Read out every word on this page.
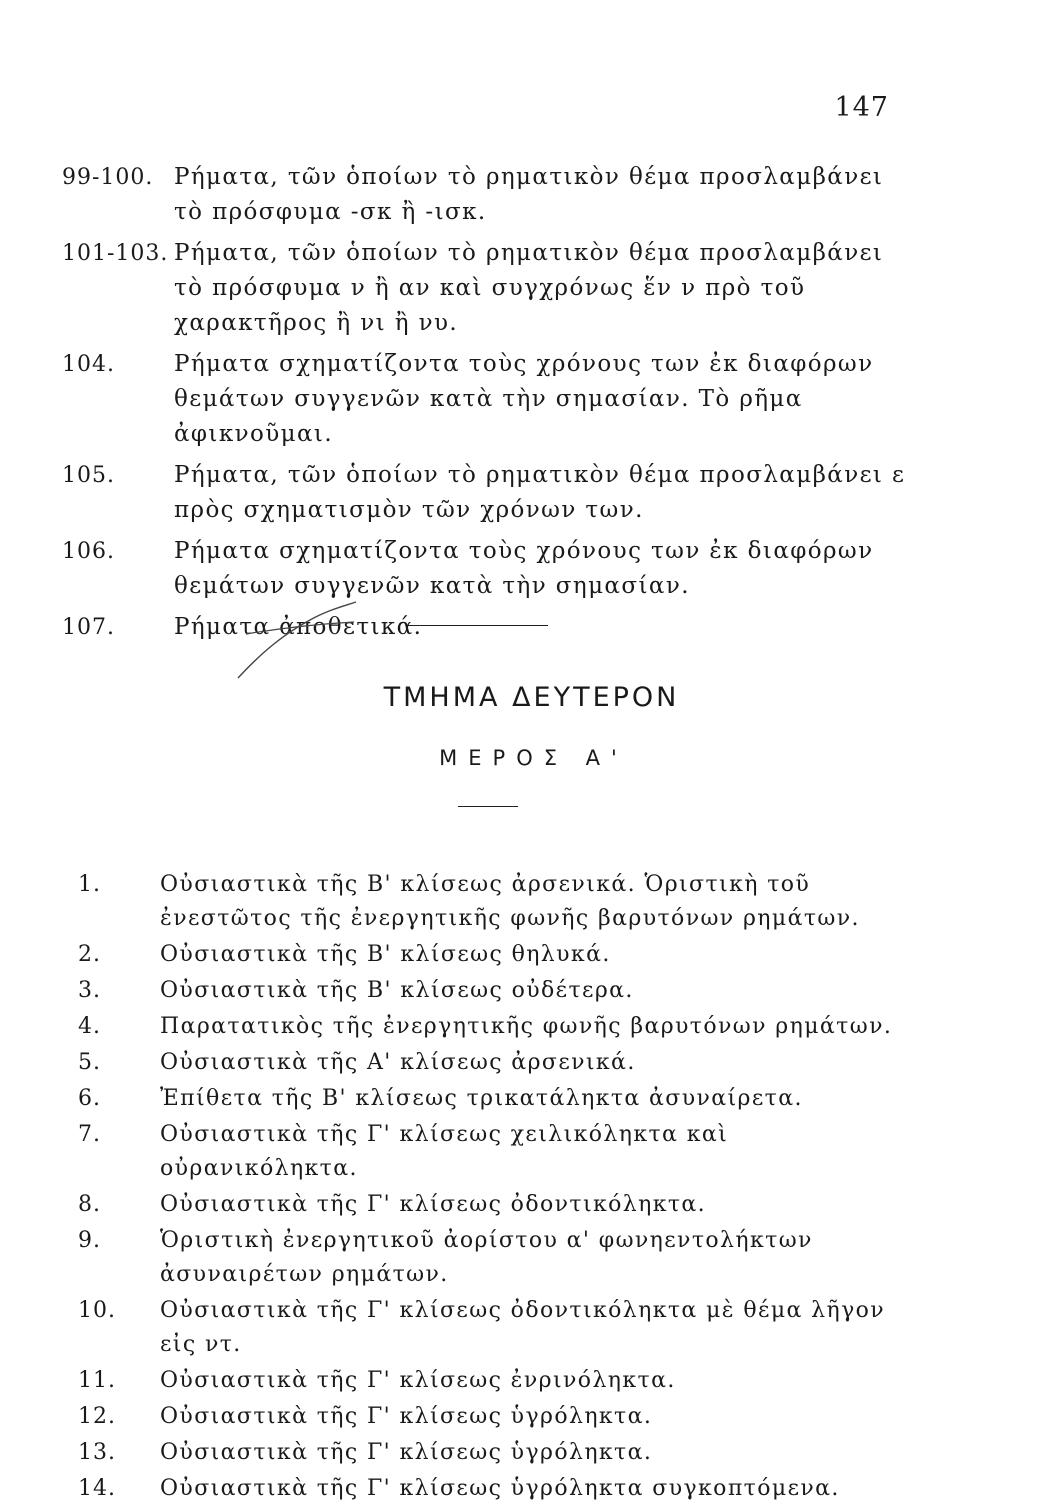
147
99-100. Ρήματα, τῶν ὁποίων τὸ ρηματικὸν θέμα προσλαμβάνει τὸ πρόσφυμα -σκ ἢ -ισκ.
101-103. Ρήματα, τῶν ὁποίων τὸ ρηματικὸν θέμα προσλαμβάνει τὸ πρόσφυμα ν ἢ αν καὶ συγχρόνως ἕν ν πρὸ τοῦ χαρακτῆρος ἢ νι ἢ νυ.
104.	Ρήματα σχηματίζοντα τοὺς χρόνους των ἐκ διαφόρων θεμάτων συγγενῶν κατὰ τὴν σημασίαν. Τὸ ρῆμα ἀφικνοῦμαι.
105.	Ρήματα, τῶν ὁποίων τὸ ρηματικὸν θέμα προσλαμβάνει ε πρὸς σχηματισμὸν τῶν χρόνων των.
106.	Ρήματα σχηματίζοντα τοὺς χρόνους των ἐκ διαφόρων θεμάτων συγγενῶν κατὰ τὴν σημασίαν.
107.	Ρήματα ἀποθετικά.
ΤΜΗΜΑ ΔΕΥΤΕΡΟΝ
ΜΕΡΟΣ Α'
1.	Οὐσιαστικὰ τῆς Β' κλίσεως ἀρσενικά. Ὁριστικὴ τοῦ ἐνεστῶτος τῆς ἐνεργητικῆς φωνῆς βαρυτόνων ρημάτων.
2.	Οὐσιαστικὰ τῆς Β' κλίσεως θηλυκά.
3.	Οὐσιαστικὰ τῆς Β' κλίσεως οὐδέτερα.
4.	Παρατατικὸς τῆς ἐνεργητικῆς φωνῆς βαρυτόνων ρημάτων.
5.	Οὐσιαστικὰ τῆς Α' κλίσεως ἀρσενικά.
6.	Ἐπίθετα τῆς Β' κλίσεως τρικατάληκτα ἀσυναίρετα.
7.	Οὐσιαστικὰ τῆς Γ' κλίσεως χειλικόληκτα καὶ οὐρανικόληκτα.
8.	Οὐσιαστικὰ τῆς Γ' κλίσεως ὀδοντικόληκτα.
9.	Ὁριστικὴ ἐνεργητικοῦ ἀορίστου α' φωνηεντολήκτων ἀσυναιρέτων ρημάτων.
10.	Οὐσιαστικὰ τῆς Γ' κλίσεως ὀδοντικόληκτα μὲ θέμα λῆγον εἰς ντ.
11.	Οὐσιαστικὰ τῆς Γ' κλίσεως ἐνρινόληκτα.
12.	Οὐσιαστικὰ τῆς Γ' κλίσεως ὑγρόληκτα.
13.	Οὐσιαστικὰ τῆς Γ' κλίσεως ὑγρόληκτα.
14.	Οὐσιαστικὰ τῆς Γ' κλίσεως ὑγρόληκτα συγκοπτόμενα.
